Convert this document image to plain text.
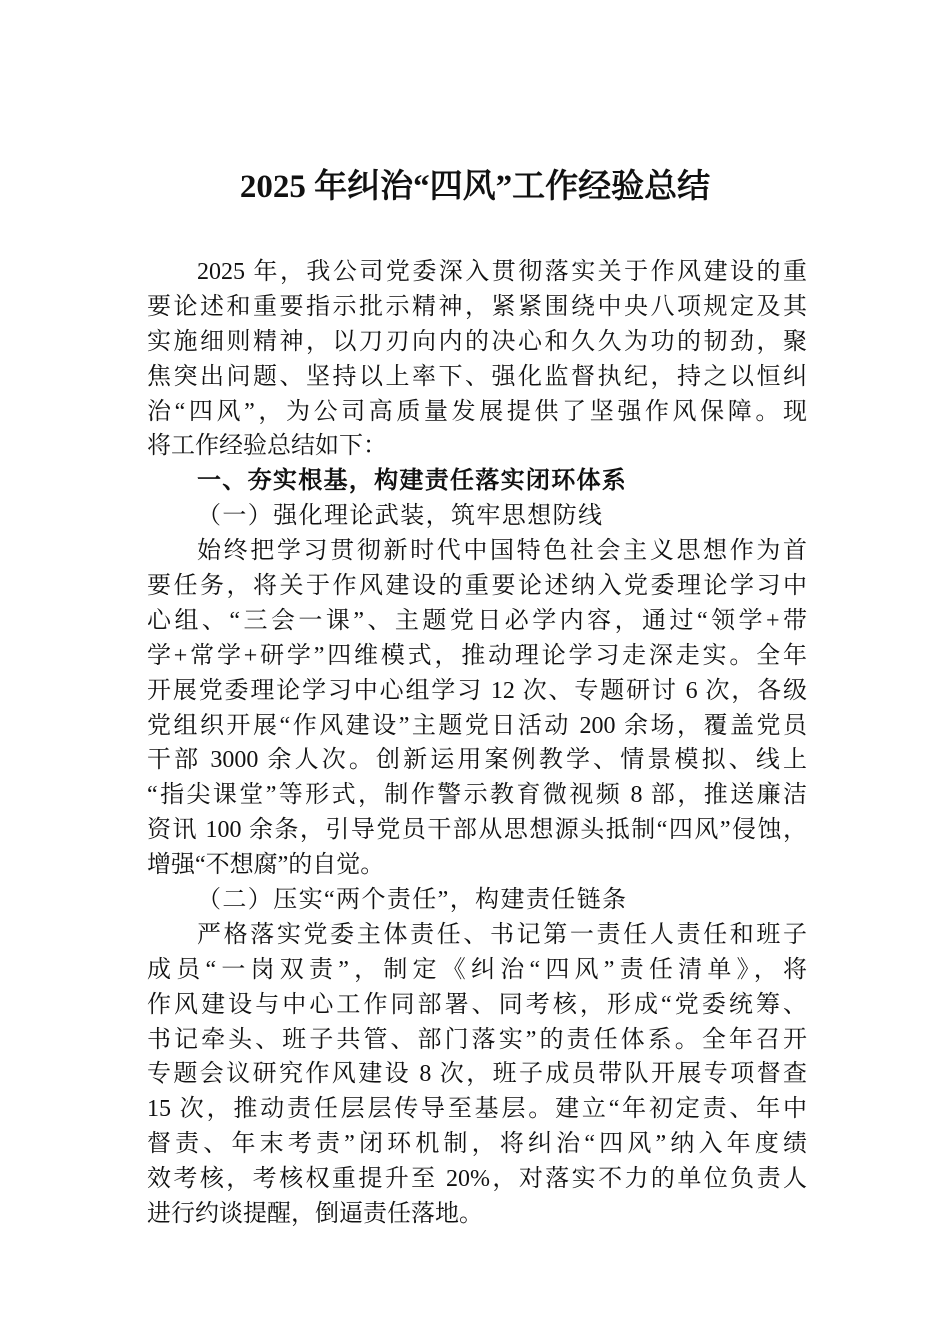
2025 年纠治“四风”工作经验总结
2025 年，我公司党委深入贯彻落实关于作风建设的重
要论述和重要指示批示精神，紧紧围绕中央八项规定及其
实施细则精神，以刀刃向内的决心和久久为功的韧劲，聚
焦突出问题、坚持以上率下、强化监督执纪，持之以恒纠
治“四风”，为公司高质量发展提供了坚强作风保障。现
将工作经验总结如下：
一、夯实根基，构建责任落实闭环体系
（一）强化理论武装，筑牢思想防线
始终把学习贯彻新时代中国特色社会主义思想作为首
要任务，将关于作风建设的重要论述纳入党委理论学习中
心组、“三会一课”、主题党日必学内容，通过“领学+带
学+常学+研学”四维模式，推动理论学习走深走实。全年
开展党委理论学习中心组学习 12 次、专题研讨 6 次，各级
党组织开展“作风建设”主题党日活动 200 余场，覆盖党员
干部 3000 余人次。创新运用案例教学、情景模拟、线上
“指尖课堂”等形式，制作警示教育微视频 8 部，推送廉洁
资讯 100 余条，引导党员干部从思想源头抵制“四风”侵蚀，
增强“不想腐”的自觉。
（二）压实“两个责任”，构建责任链条
严格落实党委主体责任、书记第一责任人责任和班子
成员“一岗双责”，制定《纠治“四风”责任清单》，将
作风建设与中心工作同部署、同考核，形成“党委统筹、
书记牵头、班子共管、部门落实”的责任体系。全年召开
专题会议研究作风建设 8 次，班子成员带队开展专项督查
15 次，推动责任层层传导至基层。建立“年初定责、年中
督责、年末考责”闭环机制，将纠治“四风”纳入年度绩
效考核，考核权重提升至 20%，对落实不力的单位负责人
进行约谈提醒，倒逼责任落地。
